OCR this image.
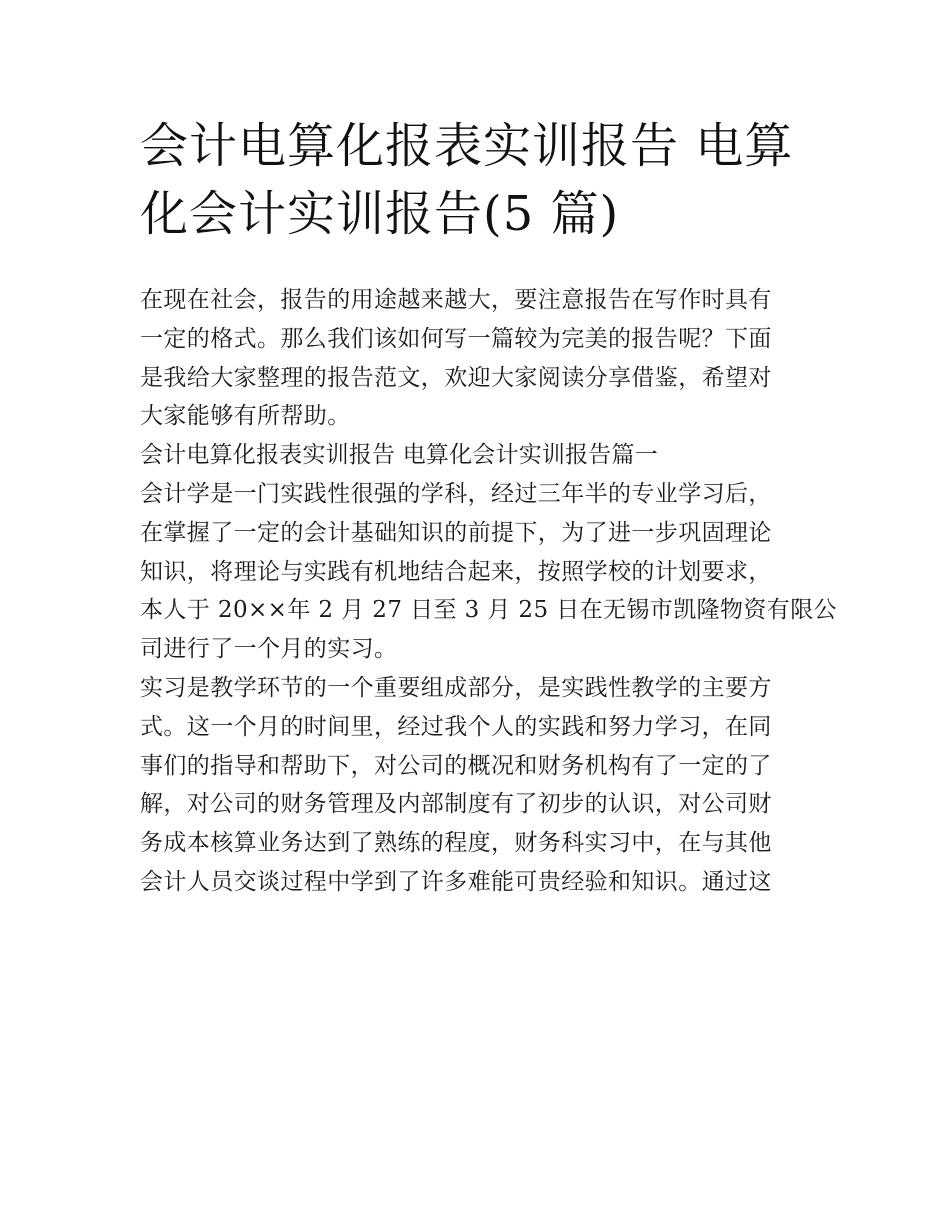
会计电算化报表实训报告 电算
化会计实训报告(5 篇)

在现在社会，报告的用途越来越大，要注意报告在写作时具有
一定的格式。那么我们该如何写一篇较为完美的报告呢？下面
是我给大家整理的报告范文，欢迎大家阅读分享借鉴，希望对
大家能够有所帮助。

会计电算化报表实训报告 电算化会计实训报告篇一

会计学是一门实践性很强的学科，经过三年半的专业学习后，
在掌握了一定的会计基础知识的前提下，为了进一步巩固理论
知识，将理论与实践有机地结合起来，按照学校的计划要求，
本人于 20××年 2 月 27 日至 3 月 25 日在无锡市凯隆物资有限公
司进行了一个月的实习。

实习是教学环节的一个重要组成部分，是实践性教学的主要方
式。这一个月的时间里，经过我个人的实践和努力学习，在同
事们的指导和帮助下，对公司的概况和财务机构有了一定的了
解，对公司的财务管理及内部制度有了初步的认识，对公司财
务成本核算业务达到了熟练的程度，财务科实习中，在与其他
会计人员交谈过程中学到了许多难能可贵经验和知识。通过这
